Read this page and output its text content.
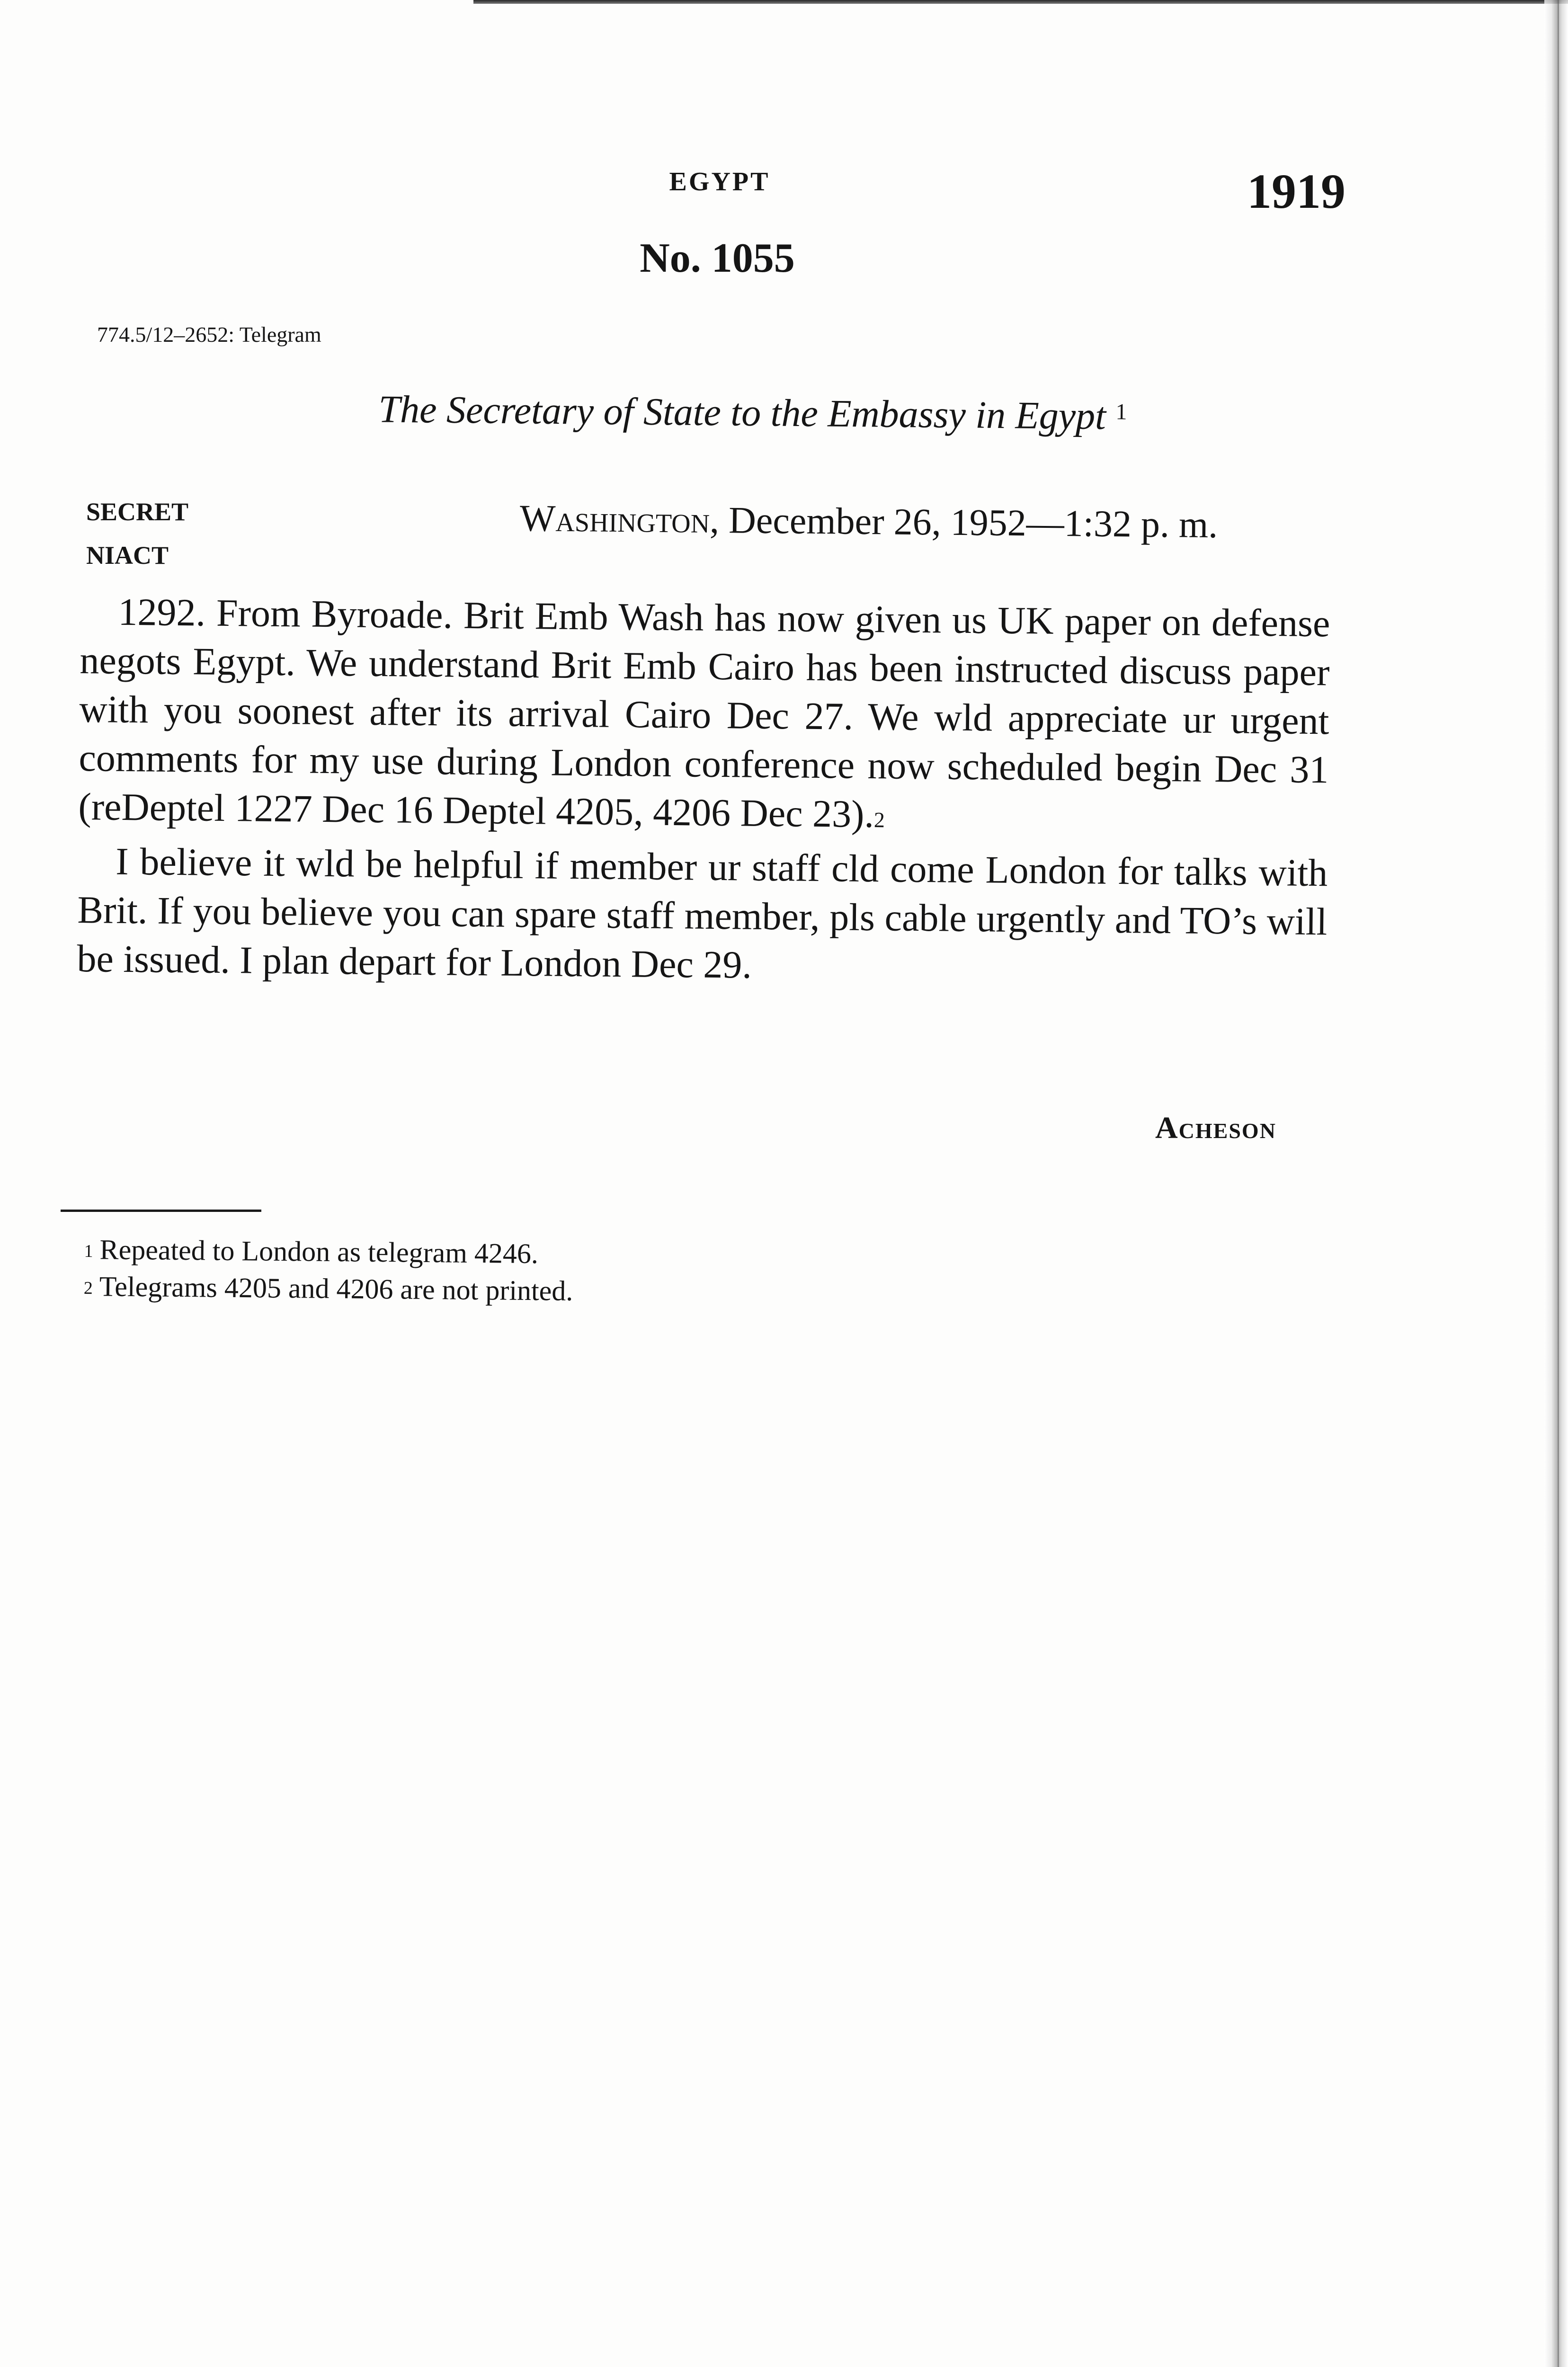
EGYPT	1919
No. 1055
774.5/12–2652: Telegram
The Secretary of State to the Embassy in Egypt $^1$
SECRET
NIACT
Washington, December 26, 1952—1:32 p. m.

1292. From Byroade. Brit Emb Wash has now given us UK paper on defense negots Egypt. We understand Brit Emb Cairo has been instructed discuss paper with you soonest after its arrival Cairo Dec 27. We wld appreciate ur urgent comments for my use during London conference now scheduled begin Dec 31 (reDeptel 1227 Dec 16 Deptel 4205, 4206 Dec 23).$^2$

I believe it wld be helpful if member ur staff cld come London for talks with Brit. If you believe you can spare staff member, pls cable urgently and TO’s will be issued. I plan depart for London Dec 29.

Acheson
$^1$ Repeated to London as telegram 4246.
$^2$ Telegrams 4205 and 4206 are not printed.
